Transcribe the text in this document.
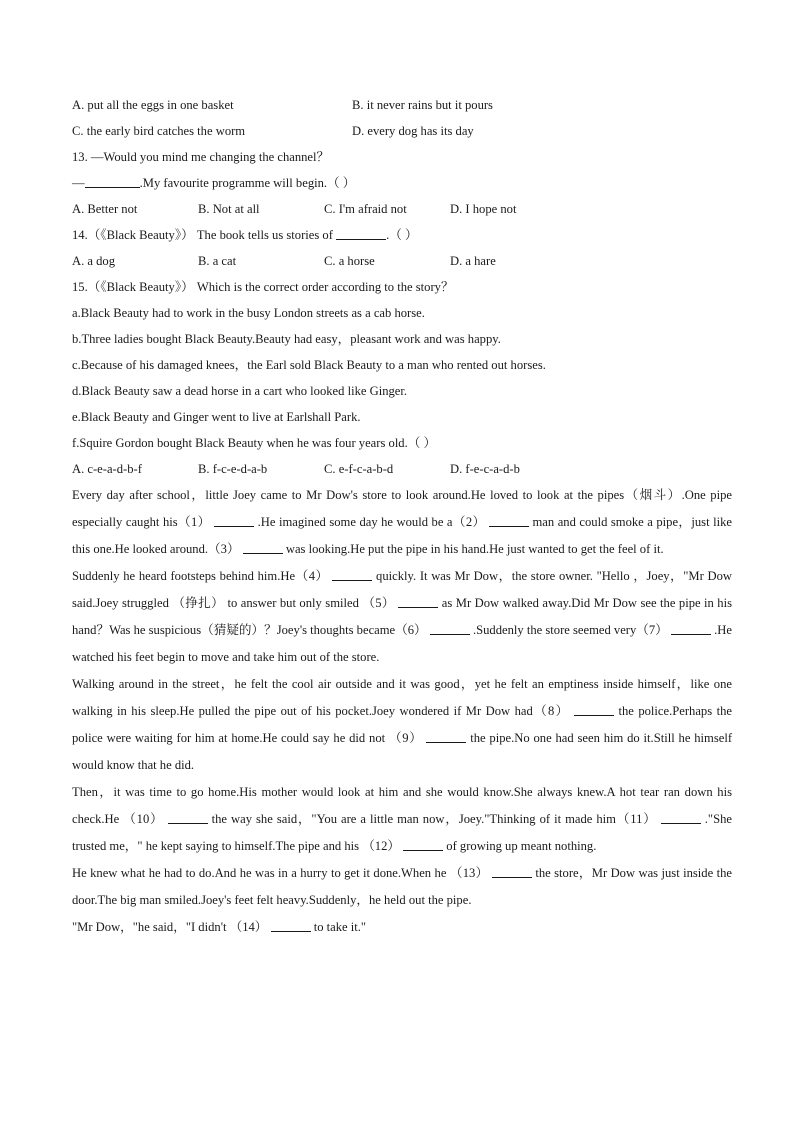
A. put all the eggs in one basket	B. it never rains but it pours
C. the early bird catches the worm	D. every dog has its day
13. —Would you mind me changing the channel？
—	.My favourite programme will begin.（ ）
A. Better not	B. Not at all	C. I'm afraid not	D. I hope not
14.（《Black Beauty》） The book tells us stories of	.（ ）
A. a dog	B. a cat	C. a horse	D. a hare
15.（《Black Beauty》） Which is the correct order according to the story？
a.Black Beauty had to work in the busy London streets as a cab horse.
b.Three ladies bought Black Beauty.Beauty had easy，pleasant work and was happy.
c.Because of his damaged knees，the Earl sold Black Beauty to a man who rented out horses.
d.Black Beauty saw a dead horse in a cart who looked like Ginger.
e.Black Beauty and Ginger went to live at Earlshall Park.
f.Squire Gordon bought Black Beauty when he was four years old.（ ）
A. c-e-a-d-b-f	B. f-c-e-d-a-b	C. e-f-c-a-b-d	D. f-e-c-a-d-b

Every day after school，little Joey came to Mr Dow's store to look around.He loved to look at the pipes（烟斗）.One pipe especially caught his（1）	.He imagined some day he would be a（2）	man and could smoke a pipe，just like this one.He looked around.（3）	was looking.He put the pipe in his hand.He just wanted to get the feel of it.

Suddenly he heard footsteps behind him.He（4）	quickly. It was Mr Dow，the store owner. "Hello ，Joey，"Mr Dow said.Joey struggled （挣扎） to answer but only smiled （5）	as Mr Dow walked away.Did Mr Dow see the pipe in his hand？Was he suspicious（猜疑的）？Joey's thoughts became（6）	.Suddenly the store seemed very（7）	.He watched his feet begin to move and take him out of the store.

Walking around in the street，he felt the cool air outside and it was good，yet he felt an emptiness inside himself，like one walking in his sleep.He pulled the pipe out of his pocket.Joey wondered if Mr Dow had（8）	the police.Perhaps the police were waiting for him at home.He could say he did not （9）	the pipe.No one had seen him do it.Still he himself would know that he did.

Then，it was time to go home.His mother would look at him and she would know.She always knew.A hot tear ran down his check.He （10）	the way she said，"You are a little man now，Joey."Thinking of it made him（11）	."She trusted me，" he kept saying to himself.The pipe and his （12）	of growing up meant nothing.

He knew what he had to do.And he was in a hurry to get it done.When he （13）	the store，Mr Dow was just inside the door.The big man smiled.Joey's feet felt heavy.Suddenly，he held out the pipe.

"Mr Dow，"he said，"I didn't （14）	to take it."
